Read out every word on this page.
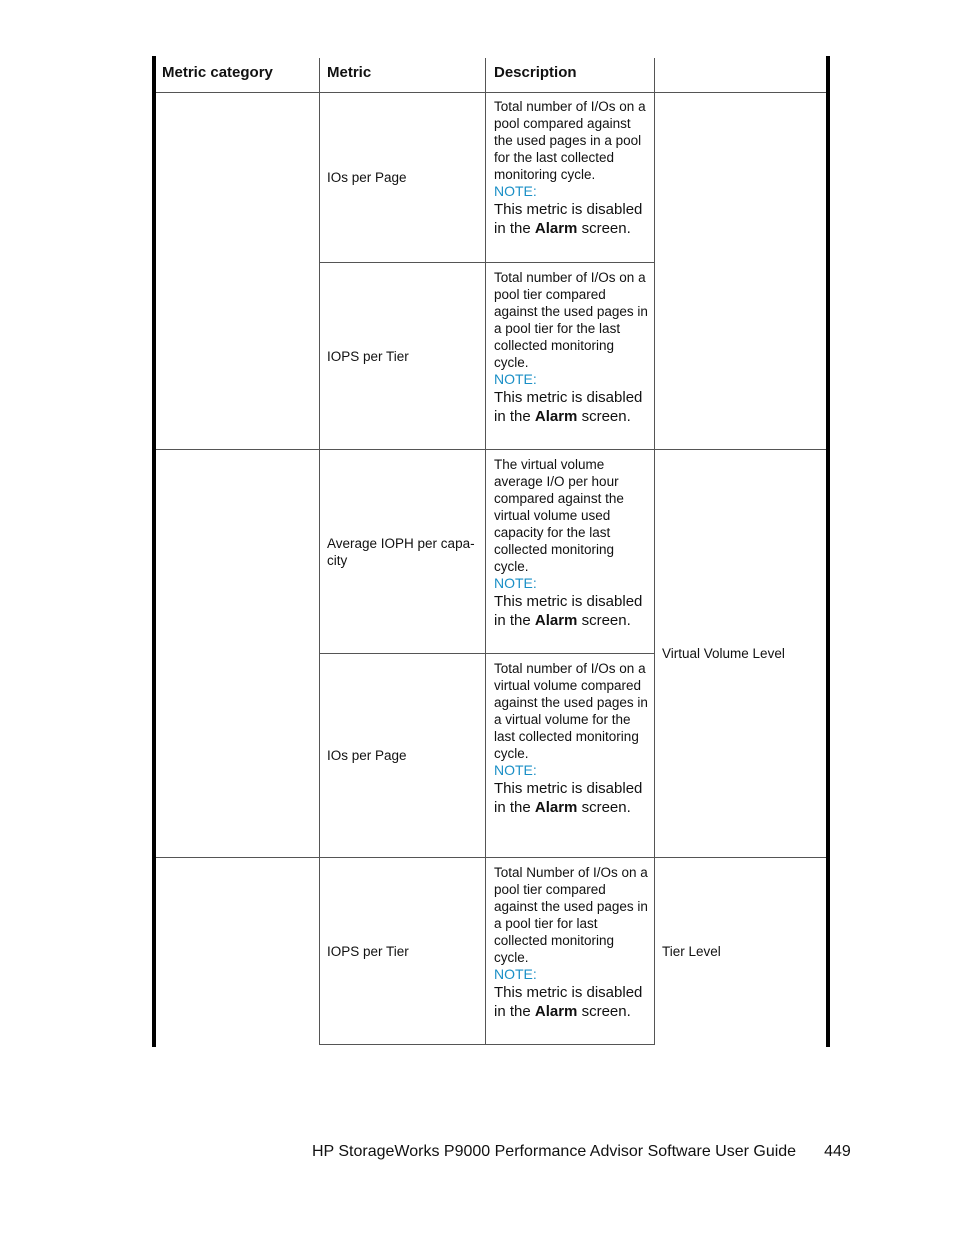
Metric category	Metric	Description
IOs per Page

Total number of I/Os on a pool compared against the used pages in a pool for the last collected monitoring cycle.

NOTE:

This metric is disabled in the Alarm screen.

IOPS per Tier

Total number of I/Os on a pool tier compared against the used pages in a pool tier for the last collected monitoring cycle.

NOTE:

This metric is disabled in the Alarm screen.

Average IOPH per capa-city

The virtual volume average I/O per hour compared against the virtual volume used capacity for the last collected monitoring cycle.

NOTE:

This metric is disabled in the Alarm screen.

IOs per Page

Total number of I/Os on a virtual volume compared against the used pages in a virtual volume for the last collected monitoring cycle.

NOTE:

This metric is disabled in the Alarm screen.

Virtual Volume Level
IOPS per Tier

Total Number of I/Os on a pool tier compared against the used pages in a pool tier for last collected monitoring cycle.

NOTE:

This metric is disabled in the Alarm screen.

Tier Level
HP StorageWorks P9000 Performance Advisor Software User Guide 449
